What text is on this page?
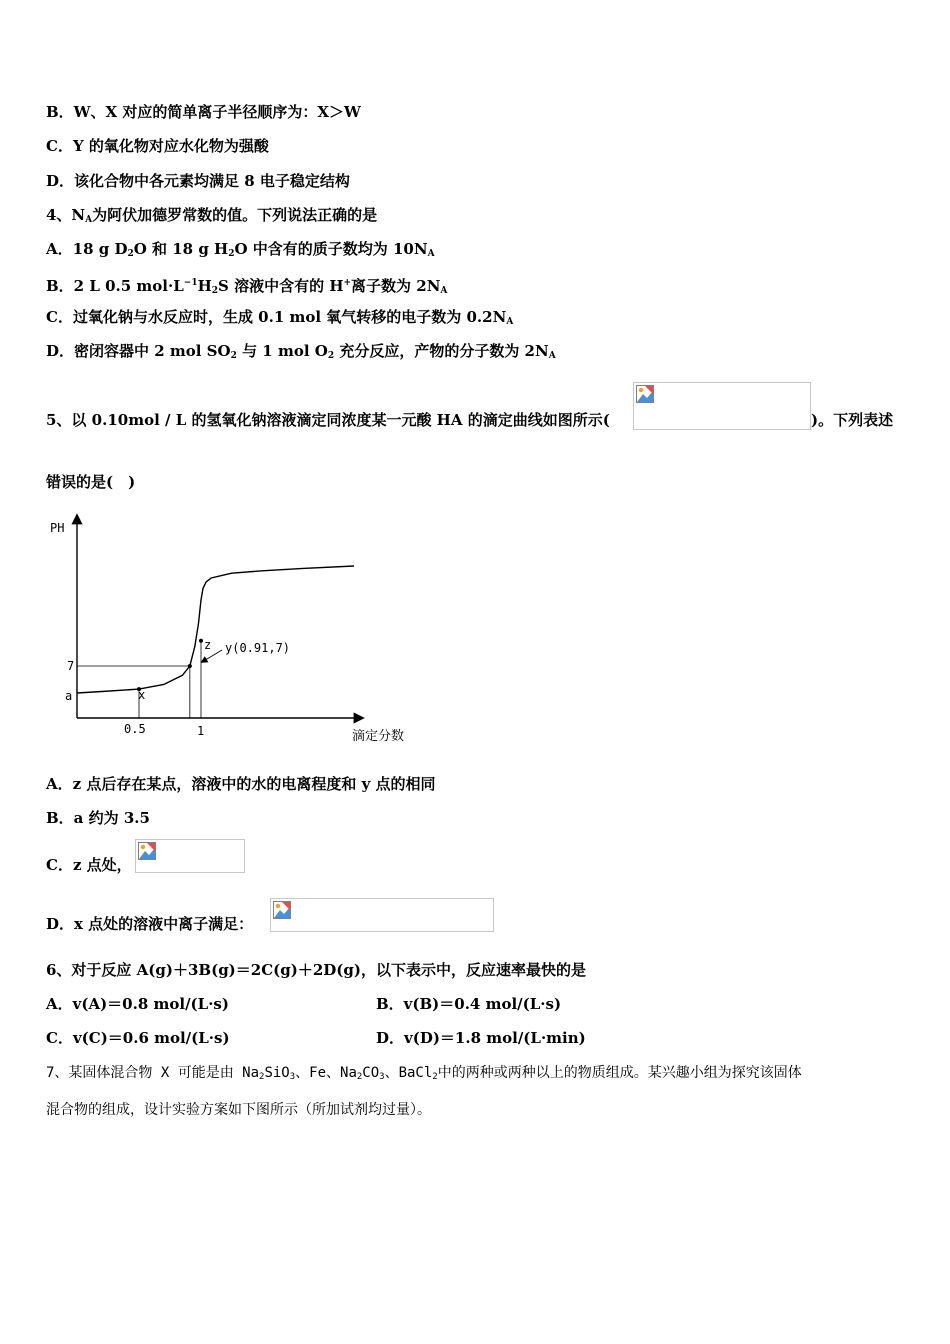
B．W、X 对应的简单离子半径顺序为：X＞W
C．Y 的氧化物对应水化物为强酸
D．该化合物中各元素均满足 8 电子稳定结构
4、$N_A$为阿伏加德罗常数的值。下列说法正确的是
A．18 g $D_2O$ 和 18 g $H_2O$ 中含有的质子数均为 $10N_A$
B．2 L 0.5 $mol\cdot L^{-1}H_2S$ 溶液中含有的 H+离子数为 $2N_A$
C．过氧化钠与水反应时，生成 0.1 mol 氧气转移的电子数为 $0.2N_A$
D．密闭容器中 2 mol $SO_2$ 与 1 mol $O_2$ 充分反应，产物的分子数为 $2N_A$
5、以 0.10mol / L 的氢氧化钠溶液滴定同浓度某一元酸 HA 的滴定曲线如图所示(	)。下列表述
错误的是(　)
PH
滴定分数
7
a
0.5	1
x
z y(0.91,7)
A．z 点后存在某点，溶液中的水的电离程度和 y 点的相同
B．a 约为 3.5
C．z 点处，
D．x 点处的溶液中离子满足：
6、对于反应 A(g)＋3B(g)＝2C(g)＋2D(g)，以下表示中，反应速率最快的是
A．v(A)＝0.8 mol/(L·s)	B．v(B)＝0.4 mol/(L·s)
C．v(C)＝0.6 mol/(L·s)	D．v(D)＝1.8 mol/(L·min)
7、某固体混合物 X 可能是由 $Na_2SiO_3$、Fe、$Na_2CO_3$、BaCl$_2$中的两种或两种以上的物质组成。某兴趣小组为探究该固体
混合物的组成，设计实验方案如下图所示（所加试剂均过量）。
